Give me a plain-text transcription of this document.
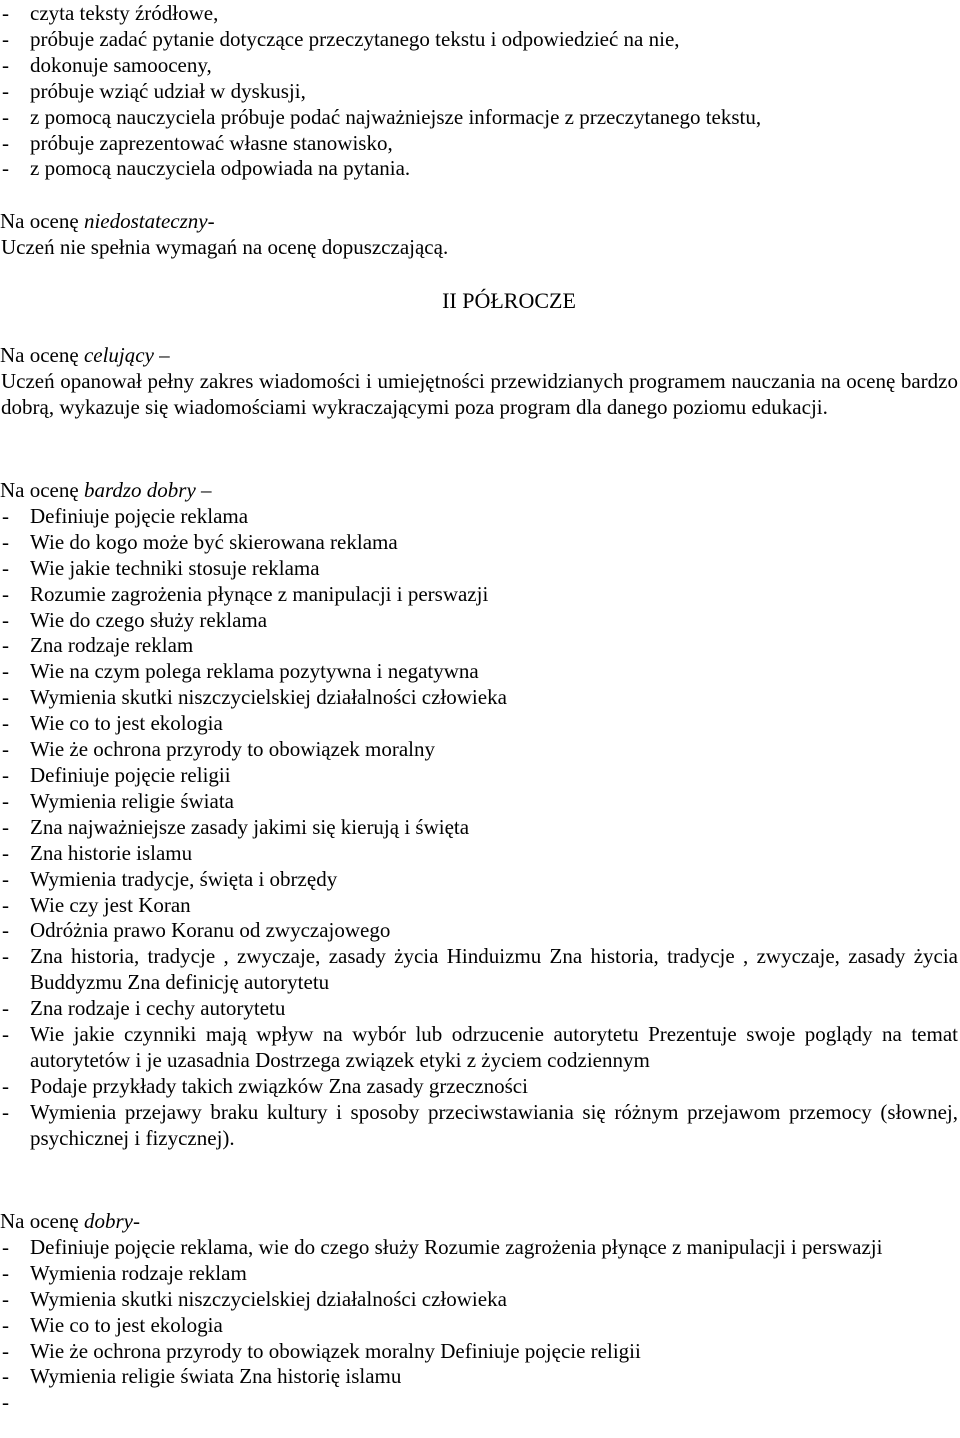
- czyta teksty źródłowe,
- próbuje zadać pytanie dotyczące przeczytanego tekstu i odpowiedzieć na nie,
- dokonuje samooceny,
- próbuje wziąć udział w dyskusji,
- z pomocą nauczyciela próbuje podać najważniejsze informacje z przeczytanego tekstu,
- próbuje zaprezentować własne stanowisko,
- z pomocą nauczyciela odpowiada na pytania.

Na ocenę niedostateczny-

Uczeń nie spełnia wymagań na ocenę dopuszczającą.

II PÓŁROCZE

Na ocenę celujący –

Uczeń opanował pełny zakres wiadomości i umiejętności przewidzianych programem nauczania na ocenę bardzo dobrą, wykazuje się wiadomościami wykraczającymi poza program dla danego poziomu edukacji.

Na ocenę bardzo dobry –

- Definiuje pojęcie reklama
- Wie do kogo może być skierowana reklama
- Wie jakie techniki stosuje reklama
- Rozumie zagrożenia płynące z manipulacji i perswazji
- Wie do czego służy reklama
- Zna rodzaje reklam
- Wie na czym polega reklama pozytywna i negatywna
- Wymienia skutki niszczycielskiej działalności człowieka
- Wie co to jest ekologia
- Wie że ochrona przyrody to obowiązek moralny
- Definiuje pojęcie religii
- Wymienia religie świata
- Zna najważniejsze zasady jakimi się kierują i święta
- Zna historie islamu
- Wymienia tradycje, święta i obrzędy
- Wie czy jest Koran
- Odróżnia prawo Koranu od zwyczajowego
- Zna historia, tradycje , zwyczaje, zasady życia Hinduizmu Zna historia, tradycje , zwyczaje, zasady życia Buddyzmu Zna definicję autorytetu
- Zna rodzaje i cechy autorytetu
- Wie jakie czynniki mają wpływ na wybór lub odrzucenie autorytetu Prezentuje swoje poglądy na temat autorytetów i je uzasadnia Dostrzega związek etyki z życiem codziennym
- Podaje przykłady takich związków Zna zasady grzeczności
- Wymienia przejawy braku kultury i sposoby przeciwstawiania się różnym przejawom przemocy (słownej, psychicznej i fizycznej).

Na ocenę dobry-

- Definiuje pojęcie reklama, wie do czego służy Rozumie zagrożenia płynące z manipulacji i perswazji
- Wymienia rodzaje reklam
- Wymienia skutki niszczycielskiej działalności człowieka
- Wie co to jest ekologia
- Wie że ochrona przyrody to obowiązek moralny Definiuje pojęcie religii
- Wymienia religie świata Zna historię islamu
-
